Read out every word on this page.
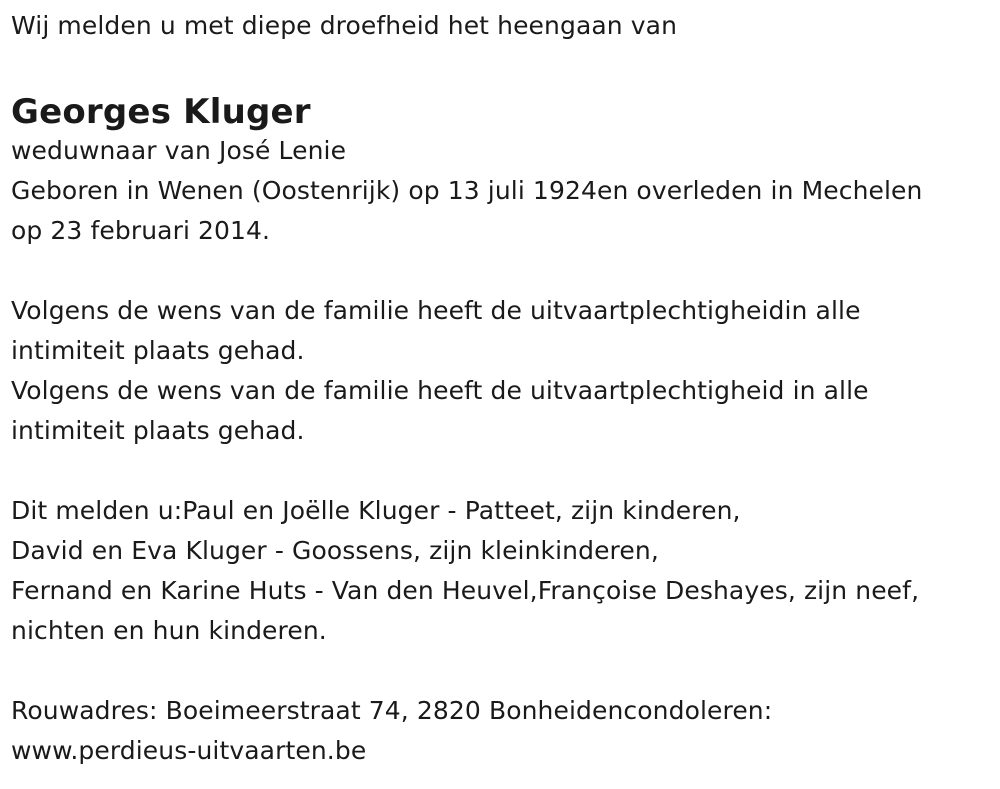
Wij melden u met diepe droefheid het heengaan van
Georges Kluger
weduwnaar van José Lenie
Geboren in Wenen (Oostenrijk) op 13 juli 1924en overleden in Mechelen
op 23 februari 2014.
Volgens de wens van de familie heeft de uitvaartplechtigheidin alle
intimiteit plaats gehad.
Volgens de wens van de familie heeft de uitvaartplechtigheid in alle
intimiteit plaats gehad.
Dit melden u:Paul en Joëlle Kluger - Patteet, zijn kinderen,
David en Eva Kluger - Goossens, zijn kleinkinderen,
Fernand en Karine Huts - Van den Heuvel,Françoise Deshayes, zijn neef,
nichten en hun kinderen.
Rouwadres: Boeimeerstraat 74, 2820 Bonheidencondoleren:
www.perdieus-uitvaarten.be
